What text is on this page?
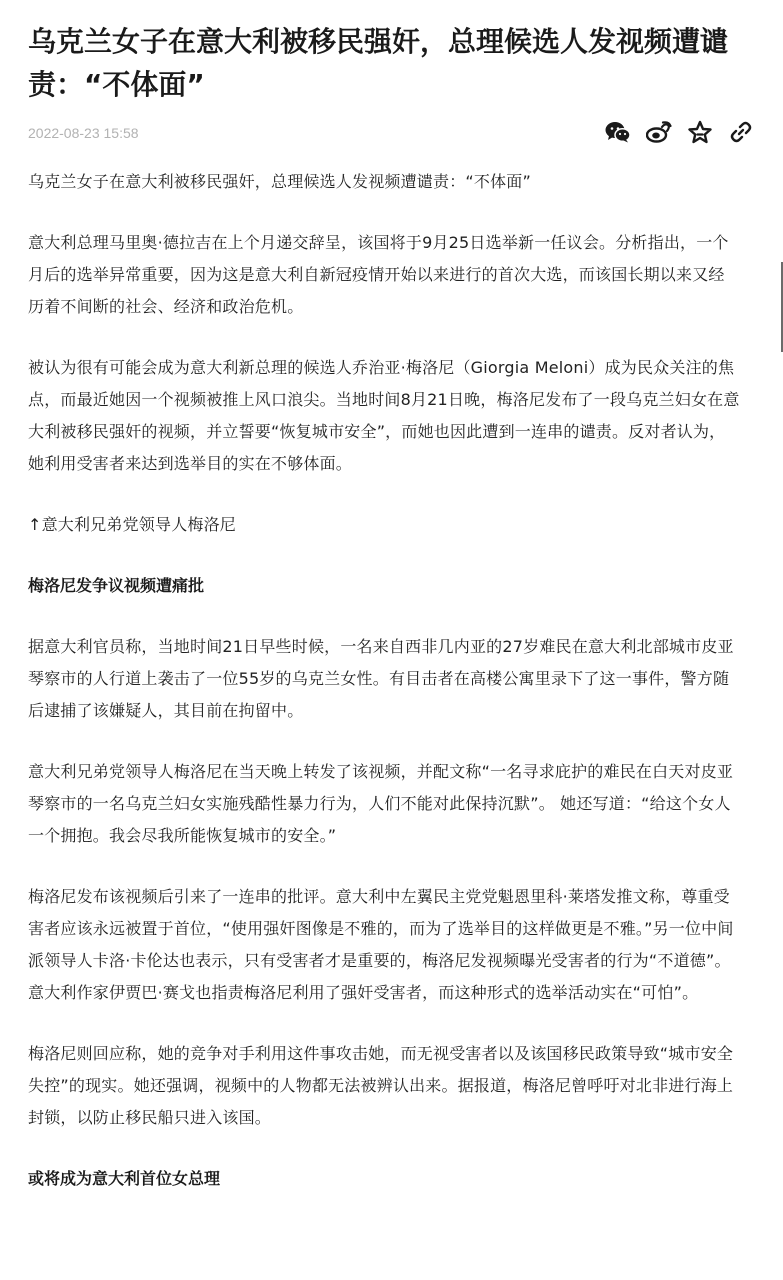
乌克兰女子在意大利被移民强奸，总理候选人发视频遭谴责：“不体面”
2022-08-23 15:58

乌克兰女子在意大利被移民强奸，总理候选人发视频遭谴责：“不体面”

意大利总理马里奥·德拉吉在上个月递交辞呈，该国将于9月25日选举新一任议会。分析指出，一个月后的选举异常重要，因为这是意大利自新冠疫情开始以来进行的首次大选，而该国长期以来又经历着不间断的社会、经济和政治危机。

被认为很有可能会成为意大利新总理的候选人乔治亚·梅洛尼（Giorgia Meloni）成为民众关注的焦点，而最近她因一个视频被推上风口浪尖。当地时间8月21日晚，梅洛尼发布了一段乌克兰妇女在意大利被移民强奸的视频，并立誓要“恢复城市安全”，而她也因此遭到一连串的谴责。反对者认为，她利用受害者来达到选举目的实在不够体面。

↑意大利兄弟党领导人梅洛尼

梅洛尼发争议视频遭痛批

据意大利官员称，当地时间21日早些时候，一名来自西非几内亚的27岁难民在意大利北部城市皮亚琴察市的人行道上袭击了一位55岁的乌克兰女性。有目击者在高楼公寓里录下了这一事件，警方随后逮捕了该嫌疑人，其目前在拘留中。

意大利兄弟党领导人梅洛尼在当天晚上转发了该视频，并配文称“一名寻求庇护的难民在白天对皮亚琴察市的一名乌克兰妇女实施残酷性暴力行为，人们不能对此保持沉默”。 她还写道：“给这个女人一个拥抱。我会尽我所能恢复城市的安全。”

梅洛尼发布该视频后引来了一连串的批评。意大利中左翼民主党党魁恩里科·莱塔发推文称，尊重受害者应该永远被置于首位，“使用强奸图像是不雅的，而为了选举目的这样做更是不雅。”另一位中间派领导人卡洛·卡伦达也表示，只有受害者才是重要的，梅洛尼发视频曝光受害者的行为“不道德”。意大利作家伊贾巴·赛戈也指责梅洛尼利用了强奸受害者，而这种形式的选举活动实在“可怕”。

梅洛尼则回应称，她的竞争对手利用这件事攻击她，而无视受害者以及该国移民政策导致“城市安全失控”的现实。她还强调，视频中的人物都无法被辨认出来。据报道，梅洛尼曾呼吁对北非进行海上封锁，以防止移民船只进入该国。

或将成为意大利首位女总理
